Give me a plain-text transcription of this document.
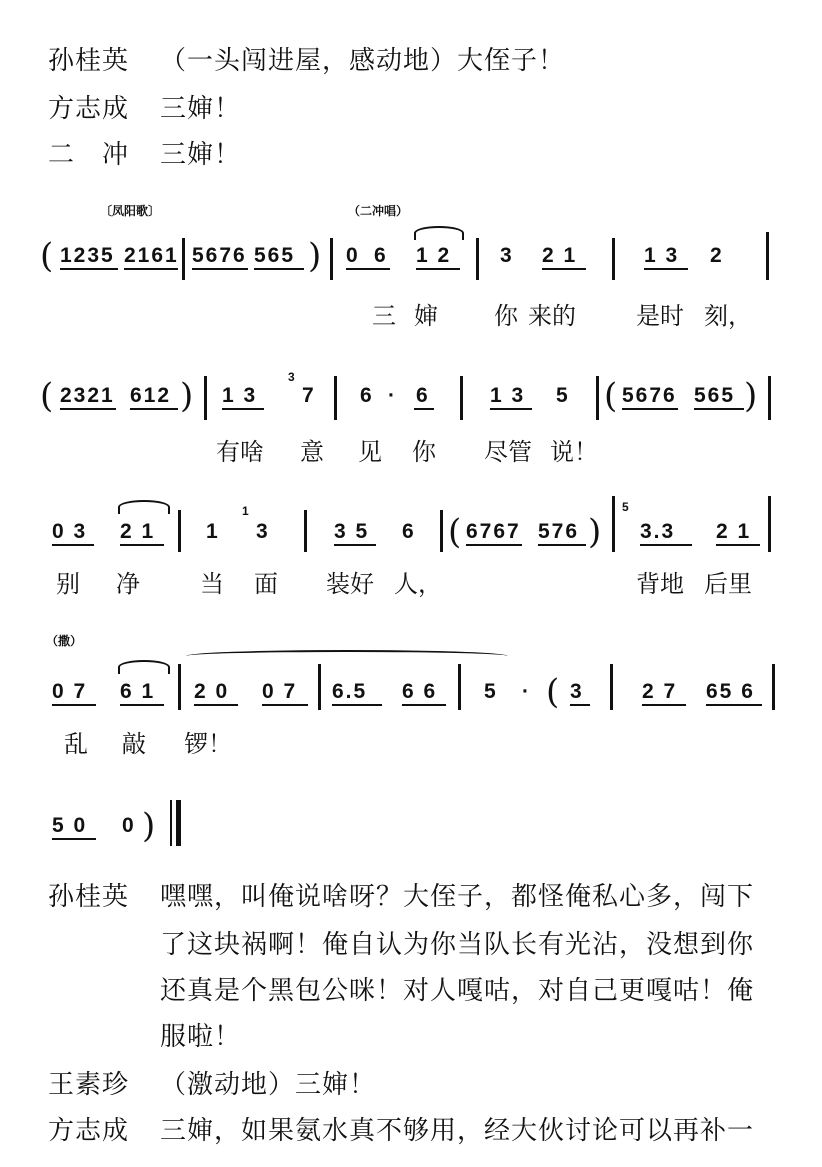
孙桂英 （一头闯进屋，感动地）大侄子！
方志成 三婶！
二　冲 三婶！
〔凤阳歌〕	（二冲唱）
( 1235 2161 5676 565 ) 0 6 1 2 3 2 1	1 3 2
三 婶 你 来的	是时 刻，
( 2321 612 ) 1 3
3
7 6 · 6	1 3 5 ( 5676 565 )
有啥 意 见 你 尽管 说！
0 3 2 1 1
1
3	3 5 6 ( 6767 576 )
5
3.3 2 1
别 净	当 面 装好 人，	背地 后里
（撒）
0 7 6 1 2 0 0 7 6.5 6 6 5 · ( 3	2 7 65 6
乱 敲 锣！
5 0 0 )
孙桂英 嘿嘿，叫俺说啥呀？大侄子，都怪俺私心多，闯下
了这块祸啊！俺自认为你当队长有光沾，没想到你
还真是个黑包公咪！对人嘎咕，对自己更嘎咕！俺
服啦！
王素珍 （激动地）三婶！
方志成 三婶，如果氨水真不够用，经大伙讨论可以再补一
